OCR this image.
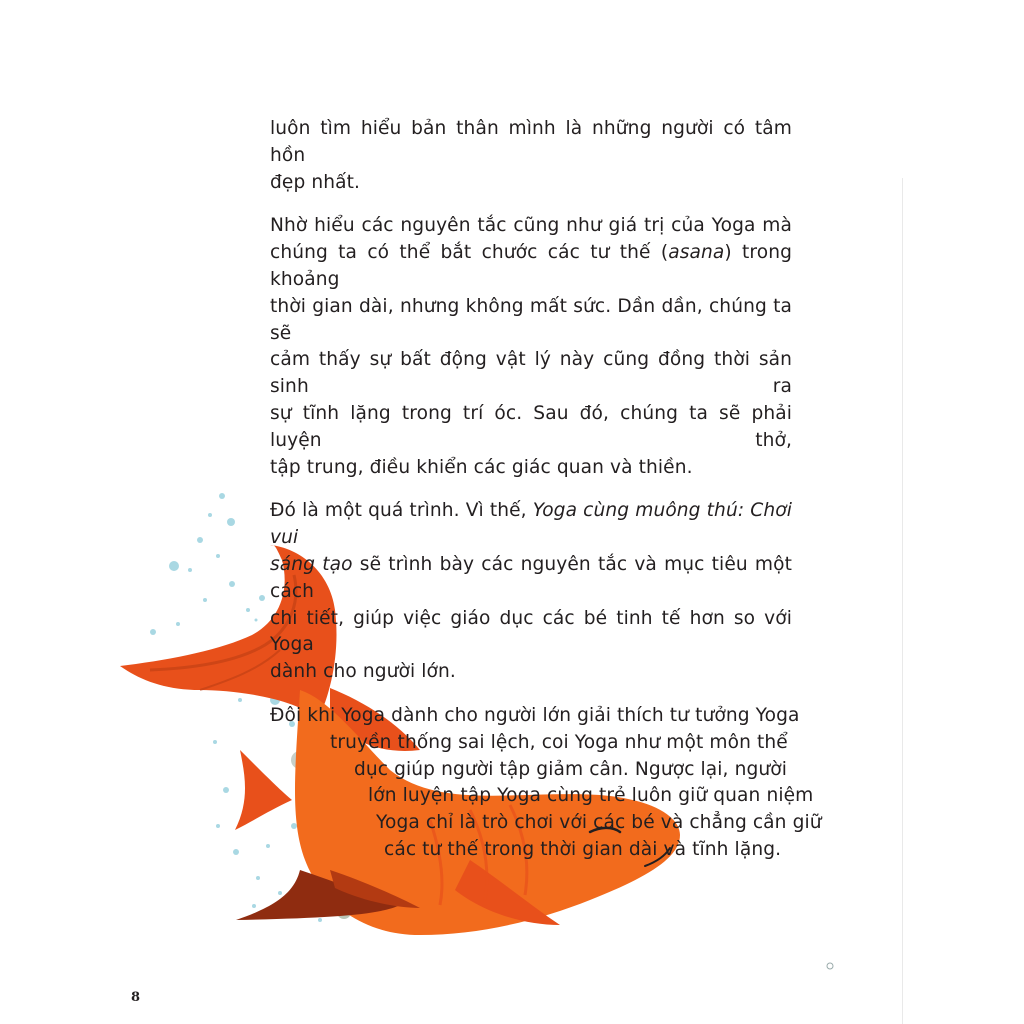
luôn tìm hiểu bản thân mình là những người có tâm hồn
đẹp nhất.

Nhờ hiểu các nguyên tắc cũng như giá trị của Yoga mà
chúng ta có thể bắt chước các tư thế (asana) trong khoảng
thời gian dài, nhưng không mất sức. Dần dần, chúng ta sẽ
cảm thấy sự bất động vật lý này cũng đồng thời sản sinh ra
sự tĩnh lặng trong trí óc. Sau đó, chúng ta sẽ phải luyện thở,
tập trung, điều khiển các giác quan và thiền.

Đó là một quá trình. Vì thế, Yoga cùng muông thú: Chơi vui
sáng tạo sẽ trình bày các nguyên tắc và mục tiêu một cách
chi tiết, giúp việc giáo dục các bé tinh tế hơn so với Yoga
dành cho người lớn.

Đôi khi Yoga dành cho người lớn giải thích tư tưởng Yoga
truyền thống sai lệch, coi Yoga như một môn thể
dục giúp người tập giảm cân. Ngược lại, người
lớn luyện tập Yoga cùng trẻ luôn giữ quan niệm
Yoga chỉ là trò chơi với các bé và chẳng cần giữ
các tư thế trong thời gian dài và tĩnh lặng.

8
